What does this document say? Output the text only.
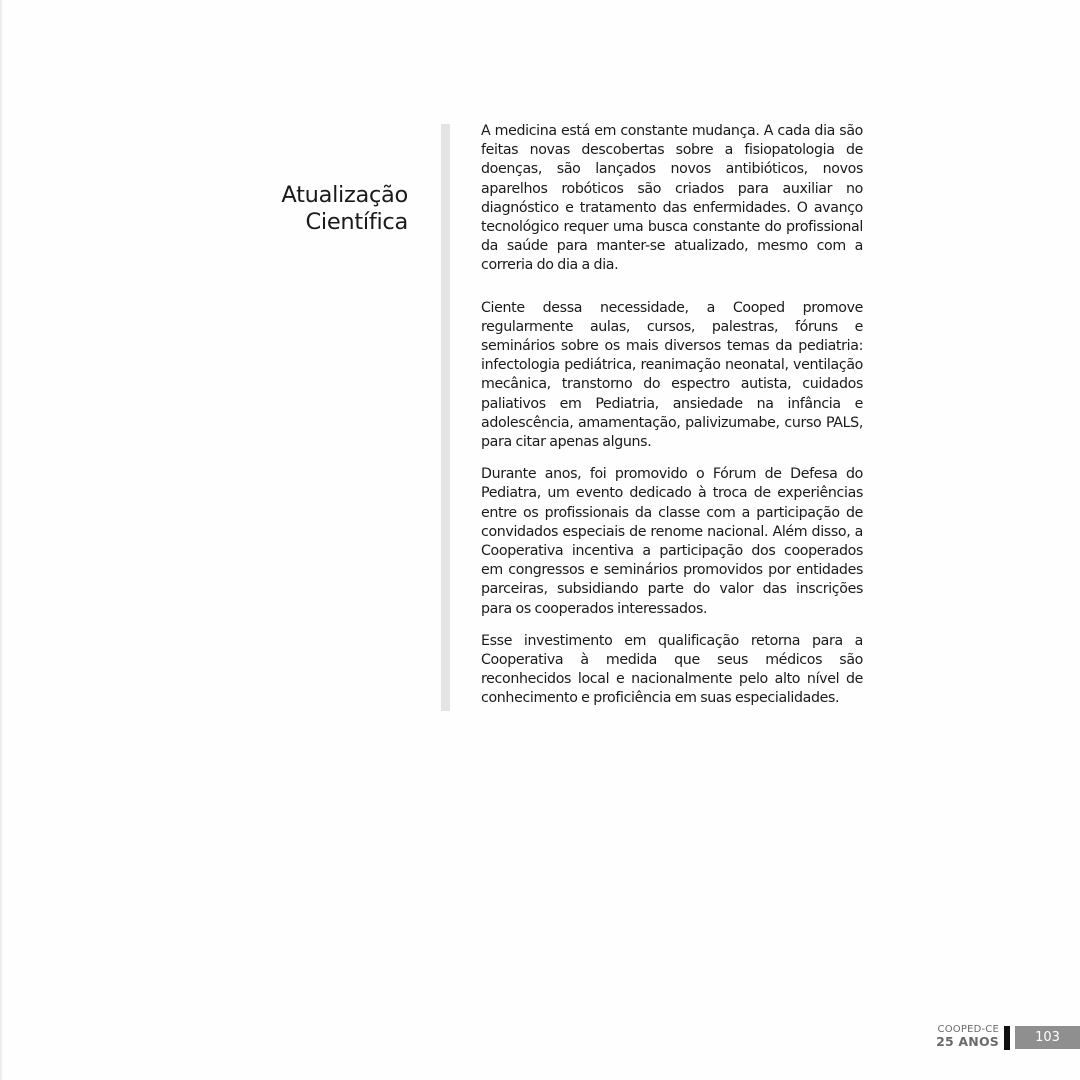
Atualização
Científica

A medicina está em constante mudança. A cada dia são feitas novas descobertas sobre a fisiopatologia de doenças, são lançados novos antibióticos, novos aparelhos robóticos são criados para auxiliar no diagnóstico e tratamento das enfermidades. O avanço tecnológico requer uma busca constante do profissional da saúde para manter-se atualizado, mesmo com a correria do dia a dia.

Ciente dessa necessidade, a Cooped promove regularmente aulas, cursos, palestras, fóruns e seminários sobre os mais diversos temas da pediatria: infectologia pediátrica, reanimação neonatal, ventilação mecânica, transtorno do espectro autista, cuidados paliativos em Pediatria, ansiedade na infância e adolescência, amamentação, palivizumabe, curso PALS, para citar apenas alguns.

Durante anos, foi promovido o Fórum de Defesa do Pediatra, um evento dedicado à troca de experiências entre os profissionais da classe com a participação de convidados especiais de renome nacional. Além disso, a Cooperativa incentiva a participação dos cooperados em congressos e seminários promovidos por entidades parceiras, subsidiando parte do valor das inscrições para os cooperados interessados.

Esse investimento em qualificação retorna para a Cooperativa à medida que seus médicos são reconhecidos local e nacionalmente pelo alto nível de conhecimento e proficiência em suas especialidades.

COOPED-CE
25 ANOS	103
